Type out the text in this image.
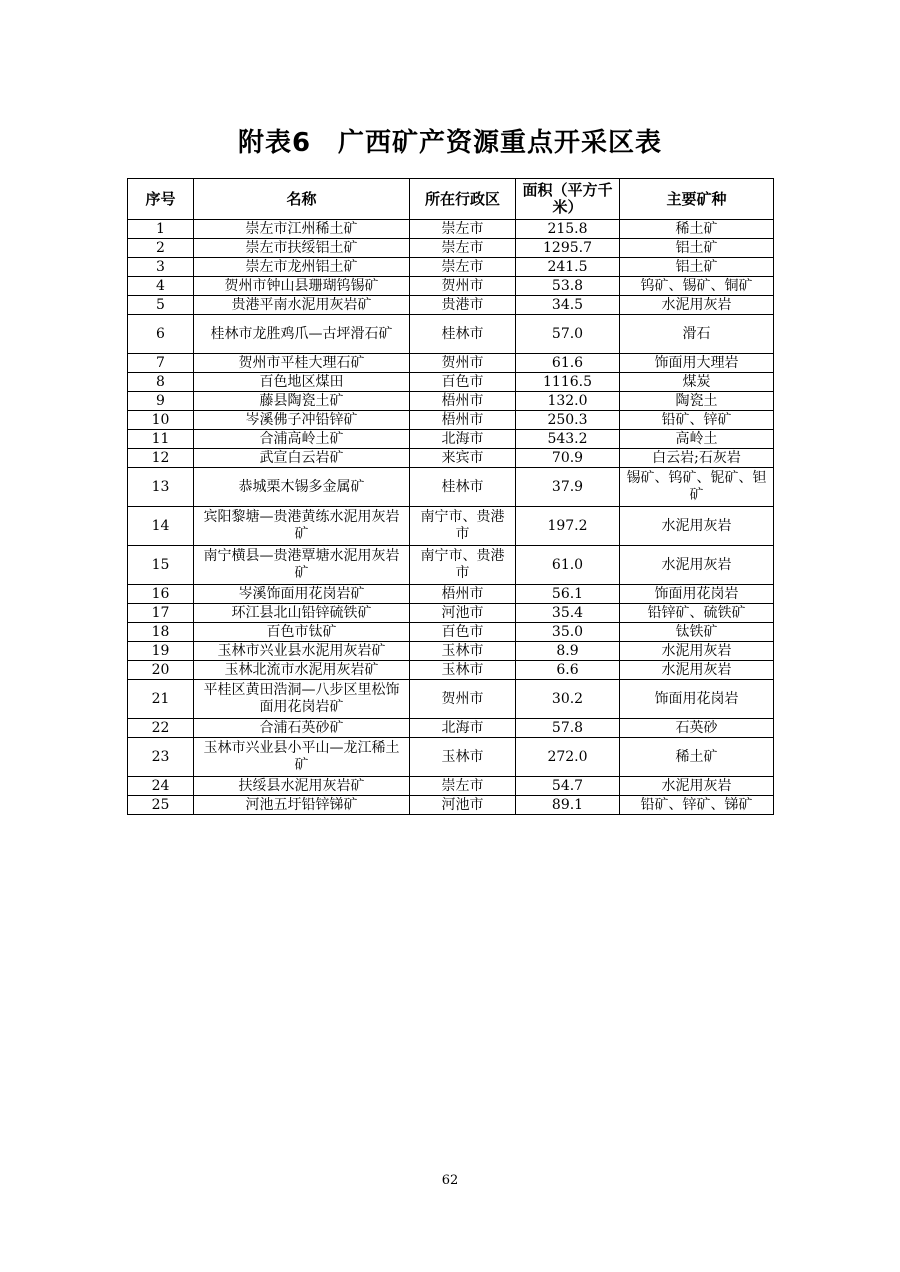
附表6　广西矿产资源重点开采区表
序号	名称	所在行政区	面积（平方千米）	主要矿种
1	崇左市江州稀土矿	崇左市	215.8	稀土矿
2	崇左市扶绥铝土矿	崇左市	1295.7	铝土矿
3	崇左市龙州铝土矿	崇左市	241.5	铝土矿
4	贺州市钟山县珊瑚钨锡矿	贺州市	53.8	钨矿、锡矿、铜矿
5	贵港平南水泥用灰岩矿	贵港市	34.5	水泥用灰岩
6	桂林市龙胜鸡爪—古坪滑石矿	桂林市	57.0	滑石
7	贺州市平桂大理石矿	贺州市	61.6	饰面用大理岩
8	百色地区煤田	百色市	1116.5	煤炭
9	藤县陶瓷土矿	梧州市	132.0	陶瓷土
10	岑溪佛子冲铅锌矿	梧州市	250.3	铅矿、锌矿
11	合浦高岭土矿	北海市	543.2	高岭土
12	武宣白云岩矿	来宾市	70.9	白云岩;石灰岩
13	恭城栗木锡多金属矿	桂林市	37.9	锡矿、钨矿、铌矿、钽矿
14	宾阳黎塘—贵港黄练水泥用灰岩矿	南宁市、贵港市	197.2	水泥用灰岩
15	南宁横县—贵港覃塘水泥用灰岩矿	南宁市、贵港市	61.0	水泥用灰岩
16	岑溪饰面用花岗岩矿	梧州市	56.1	饰面用花岗岩
17	环江县北山铅锌硫铁矿	河池市	35.4	铅锌矿、硫铁矿
18	百色市钛矿	百色市	35.0	钛铁矿
19	玉林市兴业县水泥用灰岩矿	玉林市	8.9	水泥用灰岩
20	玉林北流市水泥用灰岩矿	玉林市	6.6	水泥用灰岩
21	平桂区黄田浩洞—八步区里松饰面用花岗岩矿	贺州市	30.2	饰面用花岗岩
22	合浦石英砂矿	北海市	57.8	石英砂
23	玉林市兴业县小平山—龙江稀土矿	玉林市	272.0	稀土矿
24	扶绥县水泥用灰岩矿	崇左市	54.7	水泥用灰岩
25	河池五圩铅锌锑矿	河池市	89.1	铅矿、锌矿、锑矿
62
